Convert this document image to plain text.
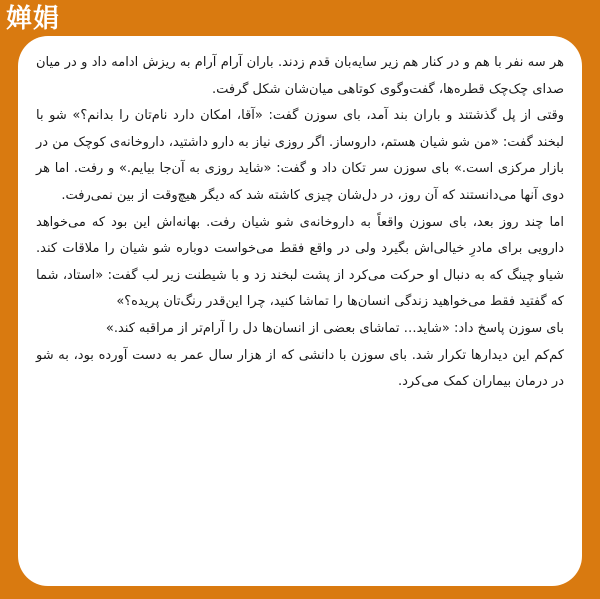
婵娟

هر سه نفر با هم و در کنار هم زیر سایه‌بان قدم زدند. باران آرام آرام به ریزش ادامه داد و در میان صدای چک‌چک قطره‌ها، گفت‌وگوی کوتاهی میان‌شان شکل گرفت.

وقتی از پل گذشتند و باران بند آمد، بای سوزن گفت: «آقا، امکان دارد نام‌تان را بدانم؟» شو با لبخند گفت: «من شو شیان هستم، داروساز. اگر روزی نیاز به دارو داشتید، داروخانه‌ی کوچک من در بازار مرکزی است.» بای سوزن سر تکان داد و گفت: «شاید روزی به آن‌جا بیایم.» و رفت. اما هر دوی آنها می‌دانستند که آن روز، در دل‌شان چیزی کاشته شد که دیگر هیچ‌وقت از بین نمی‌رفت.

اما چند روز بعد، بای سوزن واقعاً به داروخانه‌ی شو شیان رفت. بهانه‌اش این بود که می‌خواهد دارویی برای مادرِ خیالی‌اش بگیرد ولی در واقع فقط می‌خواست دوباره شو شیان را ملاقات کند. شیاو چینگ که به دنبال او حرکت می‌کرد از پشت لبخند زد و با شیطنت زیر لب گفت: «استاد، شما که گفتید فقط می‌خواهید زندگی انسان‌ها را تماشا کنید، چرا این‌قدر رنگ‌تان پریده؟»

بای سوزن پاسخ داد: «شاید… تماشای بعضی از انسان‌ها دل را آرام‌تر از مراقبه کند.»

کم‌کم این دیدارها تکرار شد. بای سوزن با دانشی که از هزار سال عمر به دست آورده بود، به شو در درمان بیماران کمک می‌کرد.
